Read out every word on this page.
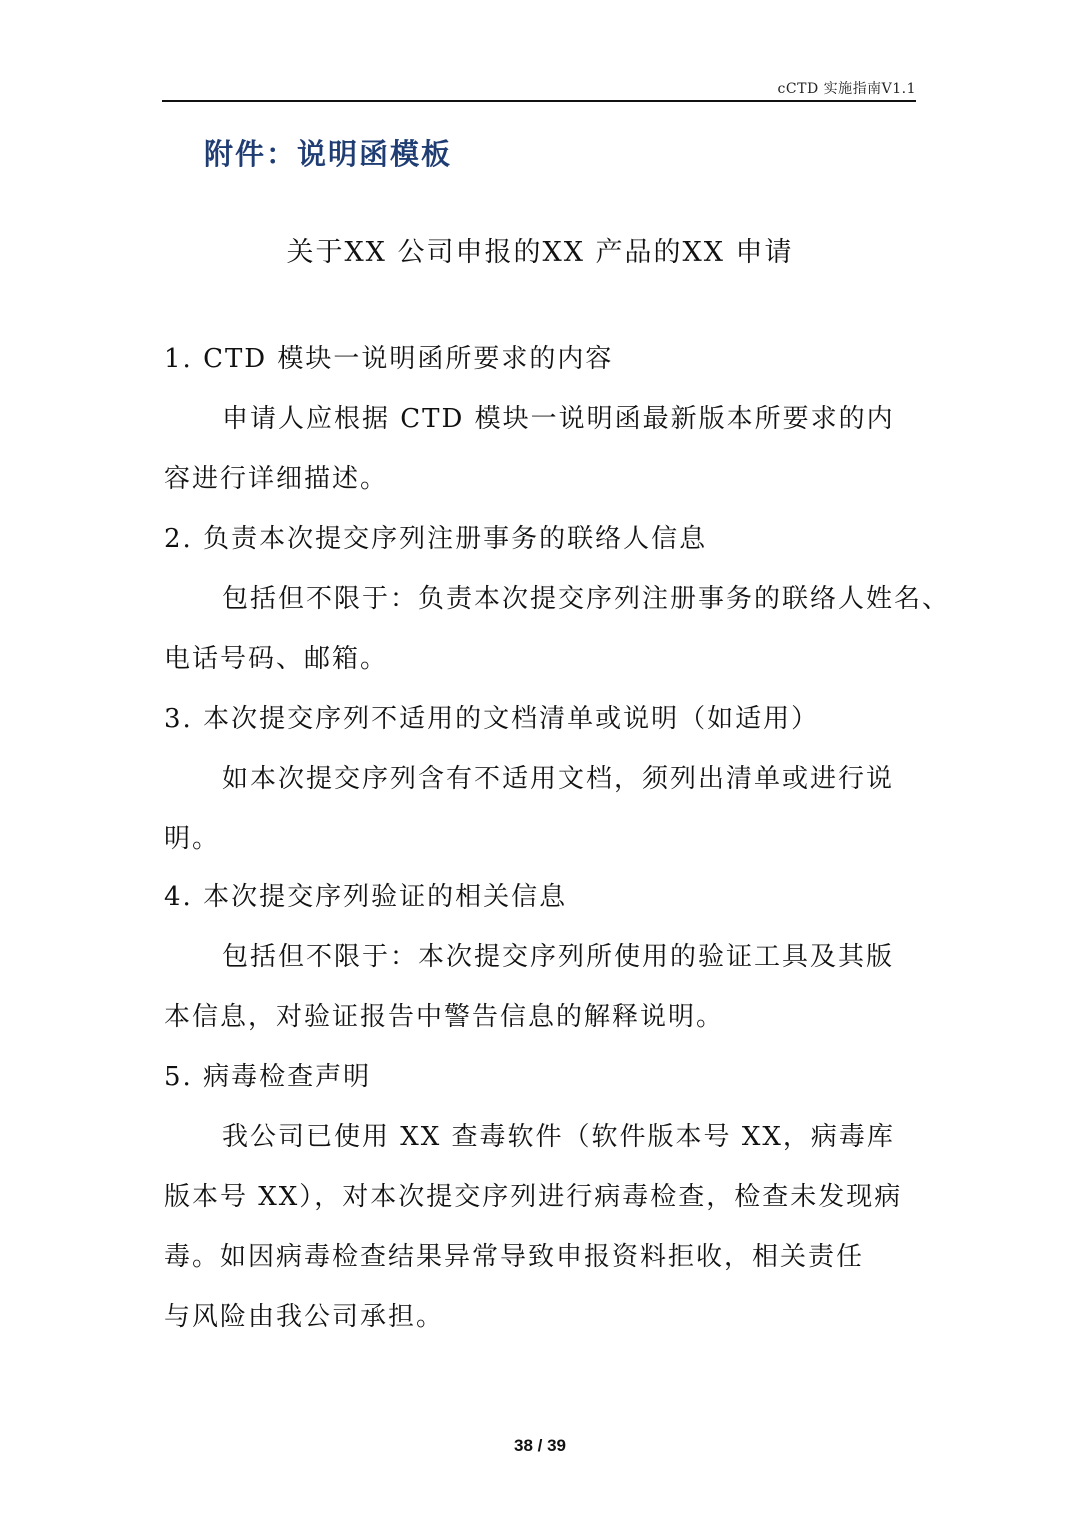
cCTD 实施指南V1.1
附件：说明函模板
关于XX 公司申报的XX 产品的XX 申请
1. CTD 模块一说明函所要求的内容
申请人应根据 CTD 模块一说明函最新版本所要求的内
容进行详细描述。
2. 负责本次提交序列注册事务的联络人信息
包括但不限于：负责本次提交序列注册事务的联络人姓名、
电话号码、邮箱。
3. 本次提交序列不适用的文档清单或说明（如适用）
如本次提交序列含有不适用文档，须列出清单或进行说
明。
4. 本次提交序列验证的相关信息
包括但不限于：本次提交序列所使用的验证工具及其版
本信息，对验证报告中警告信息的解释说明。
5. 病毒检查声明
我公司已使用 XX 查毒软件（软件版本号 XX，病毒库
版本号 XX），对本次提交序列进行病毒检查，检查未发现病
毒。如因病毒检查结果异常导致申报资料拒收，相关责任
与风险由我公司承担。
38 / 39
